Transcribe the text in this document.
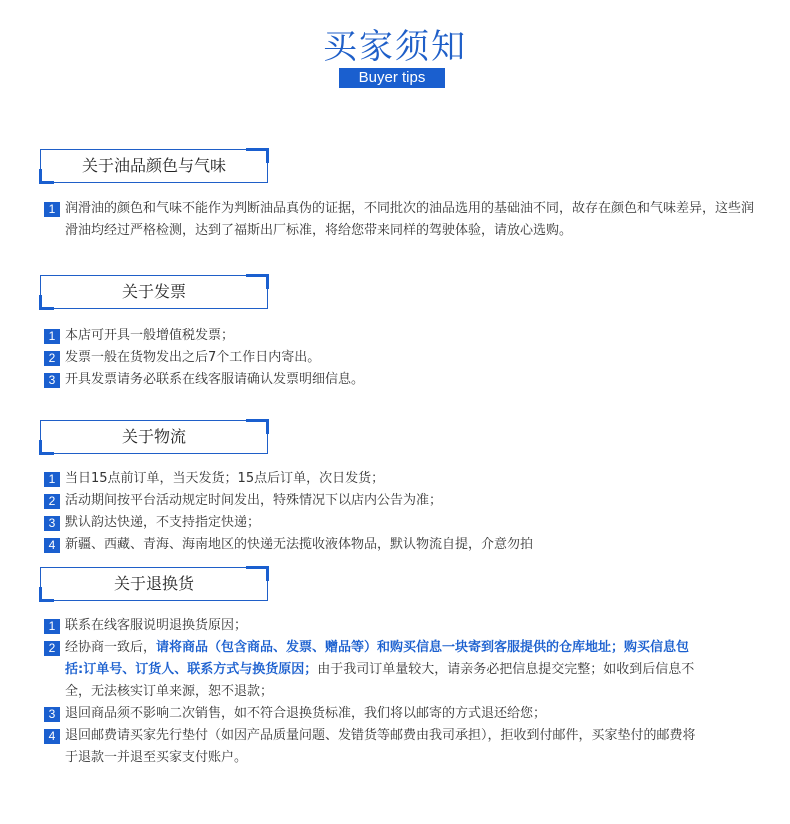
买家须知
Buyer tips
关于油品颜色与气味
1 润滑油的颜色和气味不能作为判断油品真伪的证据，不同批次的油品选用的基础油不同，故存在颜色和气味差异，这些润滑油均经过严格检测，达到了福斯出厂标准，将给您带来同样的驾驶体验，请放心选购。
关于发票
1 本店可开具一般增值税发票；
2 发票一般在货物发出之后7个工作日内寄出。
3 开具发票请务必联系在线客服请确认发票明细信息。
关于物流
1 当日15点前订单，当天发货；15点后订单，次日发货；
2 活动期间按平台活动规定时间发出，特殊情况下以店内公告为准；
3 默认韵达快递，不支持指定快递；
4 新疆、西藏、青海、海南地区的快递无法揽收液体物品，默认物流自提，介意勿拍
关于退换货
1 联系在线客服说明退换货原因；
2 经协商一致后，请将商品（包含商品、发票、赠品等）和购买信息一块寄到客服提供的仓库地址；购买信息包括:订单号、订货人、联系方式与换货原因；由于我司订单量较大，请亲务必把信息提交完整；如收到后信息不全，无法核实订单来源，恕不退款；
3 退回商品须不影响二次销售，如不符合退换货标准，我们将以邮寄的方式退还给您；
4 退回邮费请买家先行垫付（如因产品质量问题、发错货等邮费由我司承担），拒收到付邮件，买家垫付的邮费将于退款一并退至买家支付账户。
